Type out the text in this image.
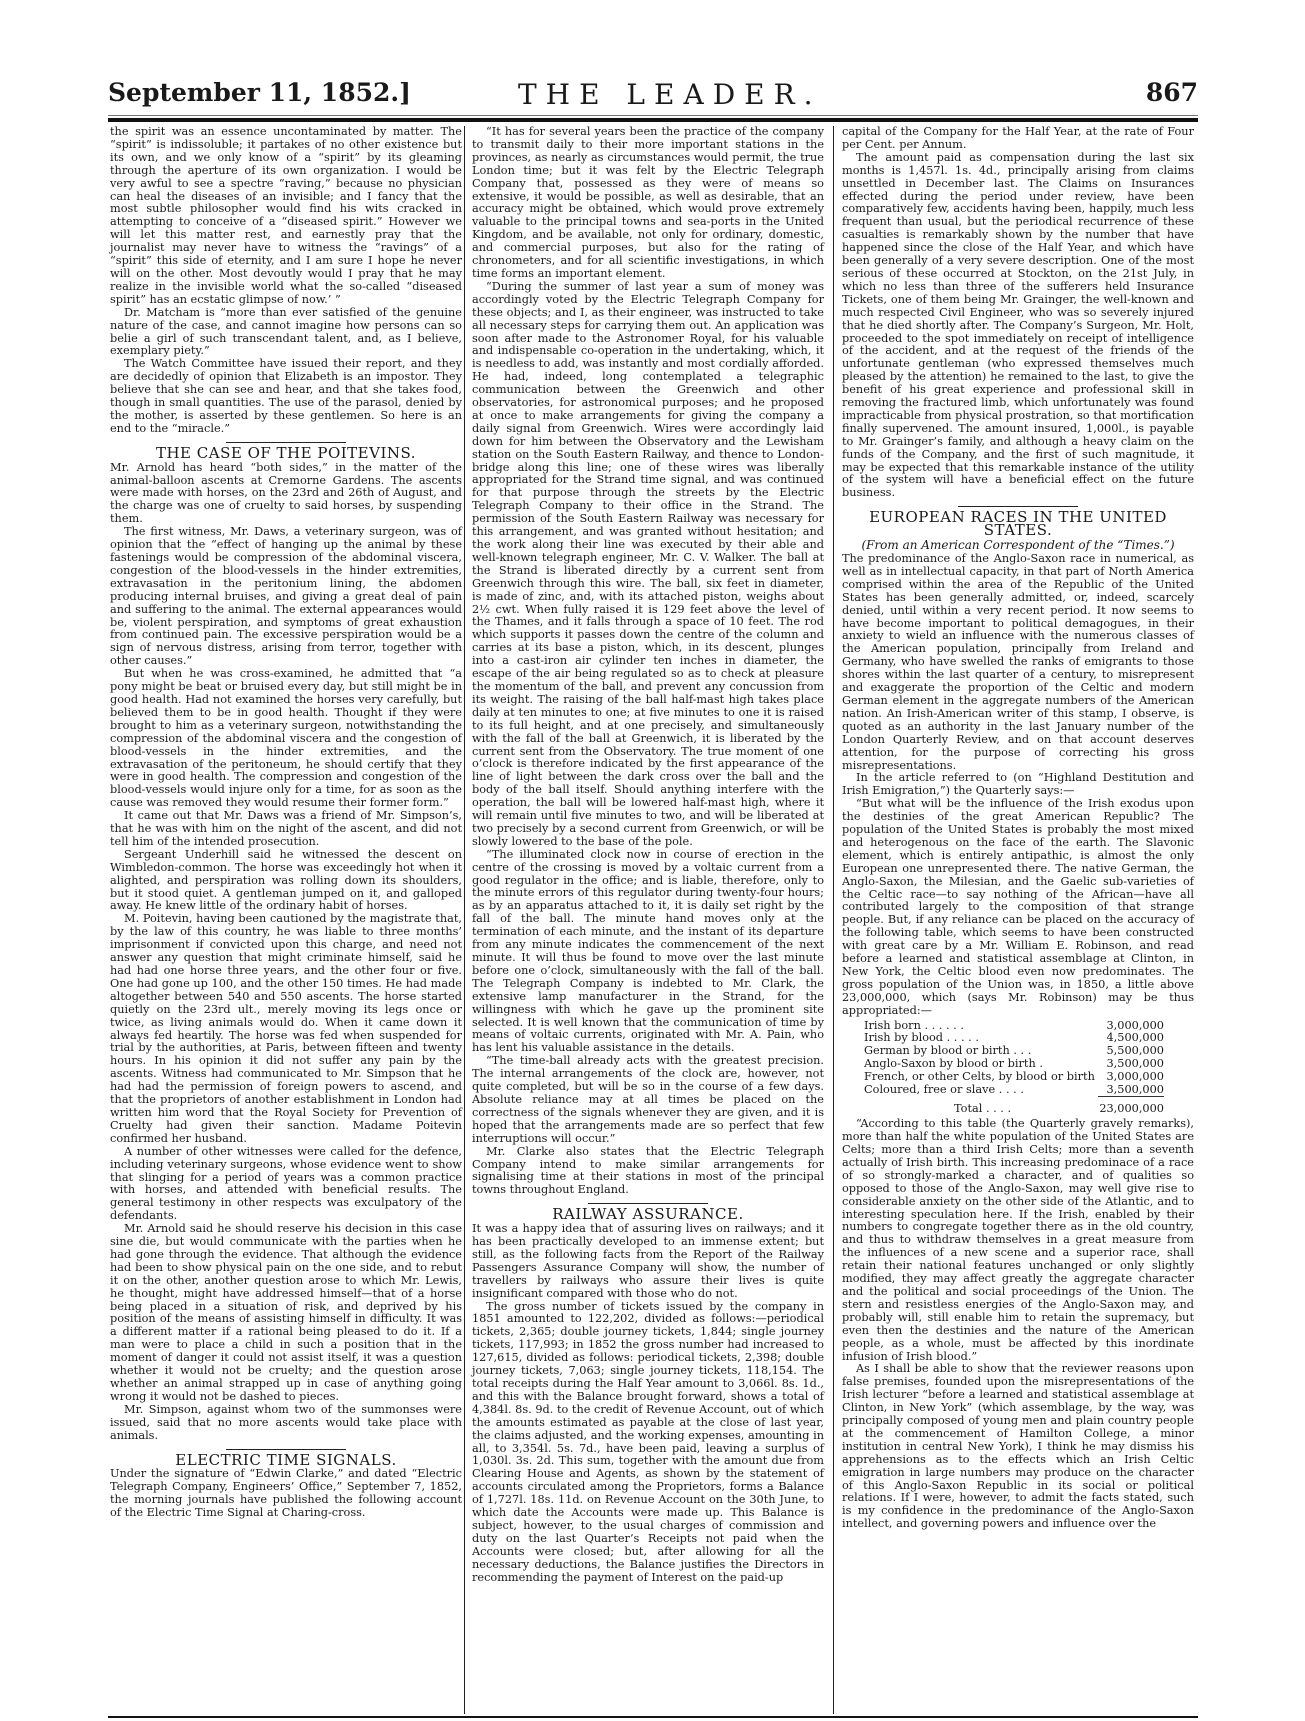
September 11, 1852.]	THE LEADER.	867

the spirit was an essence uncontaminated by matter. The “spirit” is indissoluble; it partakes of no other existence but its own, and we only know of a “spirit” by its gleaming through the aperture of its own organization. I would be very awful to see a spectre “raving,” because no physician can heal the diseases of an invisible; and I fancy that the most subtle philosopher would find his wits cracked in attempting to conceive of a “diseased spirit.” However we will let this matter rest, and earnestly pray that the journalist may never have to witness the “ravings” of a “spirit” this side of eternity, and I am sure I hope he never will on the other. Most devoutly would I pray that he may realize in the invisible world what the so-called “diseased spirit” has an ecstatic glimpse of now.’ ”

Dr. Matcham is “more than ever satisfied of the genuine nature of the case, and cannot imagine how persons can so belie a girl of such transcendant talent, and, as I believe, exemplary piety.”

The Watch Committee have issued their report, and they are decidedly of opinion that Elizabeth is an impostor. They believe that she can see and hear, and that she takes food, though in small quantities. The use of the parasol, denied by the mother, is asserted by these gentlemen. So here is an end to the “miracle.”

THE CASE OF THE POITEVINS.

Mr. Arnold has heard “both sides,” in the matter of the animal-balloon ascents at Cremorne Gardens. The ascents were made with horses, on the 23rd and 26th of August, and the charge was one of cruelty to said horses, by suspending them.

The first witness, Mr. Daws, a veterinary surgeon, was of opinion that the “effect of hanging up the animal by these fastenings would be compression of the abdominal viscera, congestion of the blood-vessels in the hinder extremities, extravasation in the peritonium lining, the abdomen producing internal bruises, and giving a great deal of pain and suffering to the animal. The external appearances would be, violent perspiration, and symptoms of great exhaustion from continued pain. The excessive perspiration would be a sign of nervous distress, arising from terror, together with other causes.”

But when he was cross-examined, he admitted that “a pony might be beat or bruised every day, but still might be in good health. Had not examined the horses very carefully, but believed them to be in good health. Thought if they were brought to him as a veterinary surgeon, notwithstanding the compression of the abdominal viscera and the congestion of blood-vessels in the hinder extremities, and the extravasation of the peritoneum, he should certify that they were in good health. The compression and congestion of the blood-vessels would injure only for a time, for as soon as the cause was removed they would resume their former form.”

It came out that Mr. Daws was a friend of Mr. Simpson’s, that he was with him on the night of the ascent, and did not tell him of the intended prosecution.

Sergeant Underhill said he witnessed the descent on Wimbledon-common. The horse was exceedingly hot when it alighted, and perspiration was rolling down its shoulders, but it stood quiet. A gentleman jumped on it, and galloped away. He knew little of the ordinary habit of horses.

M. Poitevin, having been cautioned by the magistrate that, by the law of this country, he was liable to three months’ imprisonment if convicted upon this charge, and need not answer any question that might criminate himself, said he had had one horse three years, and the other four or five. One had gone up 100, and the other 150 times. He had made altogether between 540 and 550 ascents. The horse started quietly on the 23rd ult., merely moving its legs once or twice, as living animals would do. When it came down it always fed heartily. The horse was fed when suspended for trial by the authorities, at Paris, between fifteen and twenty hours. In his opinion it did not suffer any pain by the ascents. Witness had communicated to Mr. Simpson that he had had the permission of foreign powers to ascend, and that the proprietors of another establishment in London had written him word that the Royal Society for Prevention of Cruelty had given their sanction. Madame Poitevin confirmed her husband.

A number of other witnesses were called for the defence, including veterinary surgeons, whose evidence went to show that slinging for a period of years was a common practice with horses, and attended with beneficial results. The general testimony in other respects was exculpatory of the defendants.

Mr. Arnold said he should reserve his decision in this case sine die, but would communicate with the parties when he had gone through the evidence. That although the evidence had been to show physical pain on the one side, and to rebut it on the other, another question arose to which Mr. Lewis, he thought, might have addressed himself—that of a horse being placed in a situation of risk, and deprived by his position of the means of assisting himself in difficulty. It was a different matter if a rational being pleased to do it. If a man were to place a child in such a position that in the moment of danger it could not assist itself, it was a question whether it would not be cruelty; and the question arose whether an animal strapped up in case of anything going wrong it would not be dashed to pieces.

Mr. Simpson, against whom two of the summonses were issued, said that no more ascents would take place with animals.

ELECTRIC TIME SIGNALS.

Under the signature of “Edwin Clarke,” and dated “Electric Telegraph Company, Engineers’ Office,” September 7, 1852, the morning journals have published the following account of the Electric Time Signal at Charing-cross.

“It has for several years been the practice of the company to transmit daily to their more important stations in the provinces, as nearly as circumstances would permit, the true London time; but it was felt by the Electric Telegraph Company that, possessed as they were of means so extensive, it would be possible, as well as desirable, that an accuracy might be obtained, which would prove extremely valuable to the principal towns and sea-ports in the United Kingdom, and be available, not only for ordinary, domestic, and commercial purposes, but also for the rating of chronometers, and for all scientific investigations, in which time forms an important element.

“During the summer of last year a sum of money was accordingly voted by the Electric Telegraph Company for these objects; and I, as their engineer, was instructed to take all necessary steps for carrying them out. An application was soon after made to the Astronomer Royal, for his valuable and indispensable co-operation in the undertaking, which, it is needless to add, was instantly and most cordially afforded. He had, indeed, long contemplated a telegraphic communication between the Greenwich and other observatories, for astronomical purposes; and he proposed at once to make arrangements for giving the company a daily signal from Greenwich. Wires were accordingly laid down for him between the Observatory and the Lewisham station on the South Eastern Railway, and thence to London-bridge along this line; one of these wires was liberally appropriated for the Strand time signal, and was continued for that purpose through the streets by the Electric Telegraph Company to their office in the Strand. The permission of the South Eastern Railway was necessary for this arrangement, and was granted without hesitation; and the work along their line was executed by their able and well-known telegraph engineer, Mr. C. V. Walker. The ball at the Strand is liberated directly by a current sent from Greenwich through this wire. The ball, six feet in diameter, is made of zinc, and, with its attached piston, weighs about 2½ cwt. When fully raised it is 129 feet above the level of the Thames, and it falls through a space of 10 feet. The rod which supports it passes down the centre of the column and carries at its base a piston, which, in its descent, plunges into a cast-iron air cylinder ten inches in diameter, the escape of the air being regulated so as to check at pleasure the momentum of the ball, and prevent any concussion from its weight. The raising of the ball half-mast high takes place daily at ten minutes to one; at five minutes to one it is raised to its full height, and at one precisely, and simultaneously with the fall of the ball at Greenwich, it is liberated by the current sent from the Observatory. The true moment of one o’clock is therefore indicated by the first appearance of the line of light between the dark cross over the ball and the body of the ball itself. Should anything interfere with the operation, the ball will be lowered half-mast high, where it will remain until five minutes to two, and will be liberated at two precisely by a second current from Greenwich, or will be slowly lowered to the base of the pole.

“The illuminated clock now in course of erection in the centre of the crossing is moved by a voltaic current from a good regulator in the office; and is liable, therefore, only to the minute errors of this regulator during twenty-four hours; as by an apparatus attached to it, it is daily set right by the fall of the ball. The minute hand moves only at the termination of each minute, and the instant of its departure from any minute indicates the commencement of the next minute. It will thus be found to move over the last minute before one o’clock, simultaneously with the fall of the ball. The Telegraph Company is indebted to Mr. Clark, the extensive lamp manufacturer in the Strand, for the willingness with which he gave up the prominent site selected. It is well known that the communication of time by means of voltaic currents, originated with Mr. A. Pain, who has lent his valuable assistance in the details.

“The time-ball already acts with the greatest precision. The internal arrangements of the clock are, however, not quite completed, but will be so in the course of a few days. Absolute reliance may at all times be placed on the correctness of the signals whenever they are given, and it is hoped that the arrangements made are so perfect that few interruptions will occur.”

Mr. Clarke also states that the Electric Telegraph Company intend to make similar arrangements for signalising time at their stations in most of the principal towns throughout England.

RAILWAY ASSURANCE.

It was a happy idea that of assuring lives on railways; and it has been practically developed to an immense extent; but still, as the following facts from the Report of the Railway Passengers Assurance Company will show, the number of travellers by railways who assure their lives is quite insignificant compared with those who do not.

The gross number of tickets issued by the company in 1851 amounted to 122,202, divided as follows:—periodical tickets, 2,365; double journey tickets, 1,844; single journey tickets, 117,993; in 1852 the gross number had increased to 127,615, divided as follows: periodical tickets, 2,398; double journey tickets, 7,063; single journey tickets, 118,154. The total receipts during the Half Year amount to 3,066l. 8s. 1d., and this with the Balance brought forward, shows a total of 4,384l. 8s. 9d. to the credit of Revenue Account, out of which the amounts estimated as payable at the close of last year, the claims adjusted, and the working expenses, amounting in all, to 3,354l. 5s. 7d., have been paid, leaving a surplus of 1,030l. 3s. 2d. This sum, together with the amount due from Clearing House and Agents, as shown by the statement of accounts circulated among the Proprietors, forms a Balance of 1,727l. 18s. 11d. on Revenue Account on the 30th June, to which date the Accounts were made up. This Balance is subject, however, to the usual charges of commission and duty on the last Quarter’s Receipts not paid when the Accounts were closed; but, after allowing for all the necessary deductions, the Balance justifies the Directors in recommending the payment of Interest on the paid-up

capital of the Company for the Half Year, at the rate of Four per Cent. per Annum.

The amount paid as compensation during the last six months is 1,457l. 1s. 4d., principally arising from claims unsettled in December last. The Claims on Insurances effected during the period under review, have been comparatively few, accidents having been, happily, much less frequent than usual, but the periodical recurrence of these casualties is remarkably shown by the number that have happened since the close of the Half Year, and which have been generally of a very severe description. One of the most serious of these occurred at Stockton, on the 21st July, in which no less than three of the sufferers held Insurance Tickets, one of them being Mr. Grainger, the well-known and much respected Civil Engineer, who was so severely injured that he died shortly after. The Company’s Surgeon, Mr. Holt, proceeded to the spot immediately on receipt of intelligence of the accident, and at the request of the friends of the unfortunate gentleman (who expressed themselves much pleased by the attention) he remained to the last, to give the benefit of his great experience and professional skill in removing the fractured limb, which unfortunately was found impracticable from physical prostration, so that mortification finally supervened. The amount insured, 1,000l., is payable to Mr. Grainger’s family, and although a heavy claim on the funds of the Company, and the first of such magnitude, it may be expected that this remarkable instance of the utility of the system will have a beneficial effect on the future business.

EUROPEAN RACES IN THE UNITED STATES.
(From an American Correspondent of the “Times.”)

The predominance of the Anglo-Saxon race in numerical, as well as in intellectual capacity, in that part of North America comprised within the area of the Republic of the United States has been generally admitted, or, indeed, scarcely denied, until within a very recent period. It now seems to have become important to political demagogues, in their anxiety to wield an influence with the numerous classes of the American population, principally from Ireland and Germany, who have swelled the ranks of emigrants to those shores within the last quarter of a century, to misrepresent and exaggerate the proportion of the Celtic and modern German element in the aggregate numbers of the American nation. An Irish-American writer of this stamp, I observe, is quoted as an authority in the last January number of the London Quarterly Review, and on that account deserves attention, for the purpose of correcting his gross misrepresentations.

In the article referred to (on “Highland Destitution and Irish Emigration,”) the Quarterly says:—

“But what will be the influence of the Irish exodus upon the destinies of the great American Republic? The population of the United States is probably the most mixed and heterogenous on the face of the earth. The Slavonic element, which is entirely antipathic, is almost the only European one unrepresented there. The native German, the Anglo-Saxon, the Milesian, and the Gaelic sub-varieties of the Celtic race—to say nothing of the African—have all contributed largely to the composition of that strange people. But, if any reliance can be placed on the accuracy of the following table, which seems to have been constructed with great care by a Mr. William E. Robinson, and read before a learned and statistical assemblage at Clinton, in New York, the Celtic blood even now predominates. The gross population of the Union was, in 1850, a little above 23,000,000, which (says Mr. Robinson) may be thus appropriated:—

Irish born . . . . . .	3,000,000
Irish by blood . . . . .	4,500,000
German by blood or birth . . .	5,500,000
Anglo-Saxon by blood or birth .	3,500,000
French, or other Celts, by blood or birth	3,000,000
Coloured, free or slave . . . .	3,500,000
Total . . . .	23,000,000

“According to this table (the Quarterly gravely remarks), more than half the white population of the United States are Celts; more than a third Irish Celts; more than a seventh actually of Irish birth. This increasing predominace of a race of so strongly-marked a character, and of qualities so opposed to those of the Anglo-Saxon, may well give rise to considerable anxiety on the other side of the Atlantic, and to interesting speculation here. If the Irish, enabled by their numbers to congregate together there as in the old country, and thus to withdraw themselves in a great measure from the influences of a new scene and a superior race, shall retain their national features unchanged or only slightly modified, they may affect greatly the aggregate character and the political and social proceedings of the Union. The stern and resistless energies of the Anglo-Saxon may, and probably will, still enable him to retain the supremacy, but even then the destinies and the nature of the American people, as a whole, must be affected by this inordinate infusion of Irish blood.”

As I shall be able to show that the reviewer reasons upon false premises, founded upon the misrepresentations of the Irish lecturer “before a learned and statistical assemblage at Clinton, in New York” (which assemblage, by the way, was principally composed of young men and plain country people at the commencement of Hamilton College, a minor institution in central New York), I think he may dismiss his apprehensions as to the effects which an Irish Celtic emigration in large numbers may produce on the character of this Anglo-Saxon Republic in its social or political relations. If I were, however, to admit the facts stated, such is my confidence in the predominance of the Anglo-Saxon intellect, and governing powers and influence over the
